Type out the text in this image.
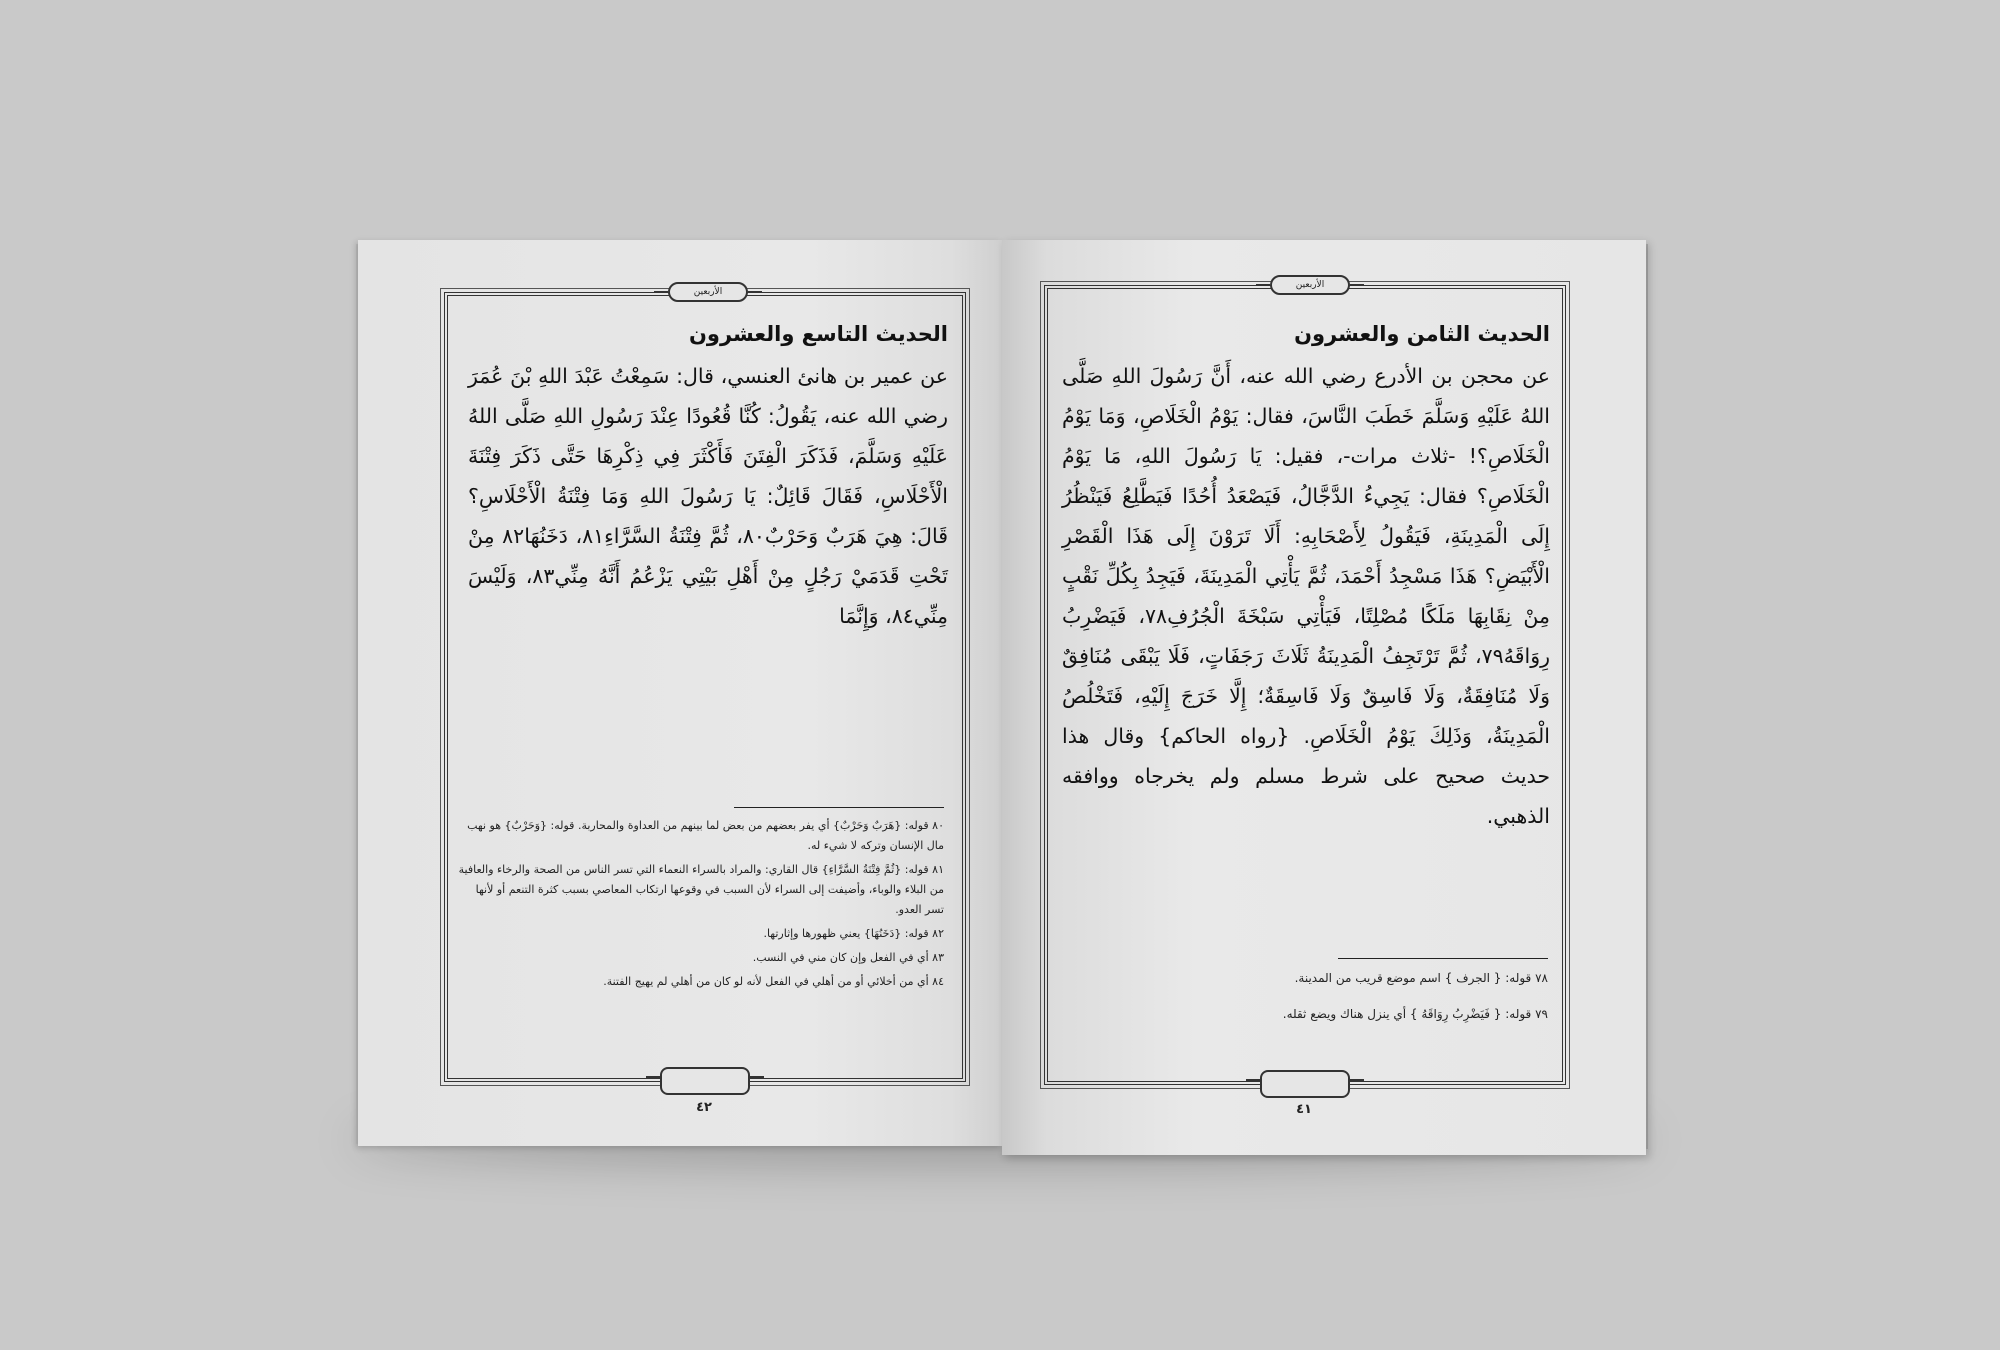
الأربعين
الحديث التاسع والعشرون

عن عمير بن هانئ العنسي، قال: سَمِعْتُ عَبْدَ اللهِ بْنَ عُمَرَ رضي الله عنه، يَقُولُ: كُنَّا قُعُودًا عِنْدَ رَسُولِ اللهِ صَلَّى اللهُ عَلَيْهِ وَسَلَّمَ، فَذَكَرَ الْفِتَنَ فَأَكْثَرَ فِي ذِكْرِهَا حَتَّى ذَكَرَ فِتْنَةَ الْأَحْلَاسِ، فَقَالَ قَائِلٌ: يَا رَسُولَ اللهِ وَمَا فِتْنَةُ الْأَحْلَاسِ؟ قَالَ: هِيَ هَرَبٌ وَحَرْبٌ٨٠، ثُمَّ فِتْنَةُ السَّرَّاءِ٨١، دَخَنُهَا٨٢ مِنْ تَحْتِ قَدَمَيْ رَجُلٍ مِنْ أَهْلِ بَيْتِي يَزْعُمُ أَنَّهُ مِنِّي٨٣، وَلَيْسَ مِنِّي٨٤، وَإِنَّمَا

٨٠ قوله: {هَرَبٌ وَحَرْبٌ} أي يفر بعضهم من بعض لما بينهم من العداوة والمحاربة. قوله: {وَحَرْبٌ} هو نهب مال الإنسان وتركه لا شيء له.

٨١ قوله: {ثُمَّ فِتْنَةُ السَّرَّاءِ} قال القاري: والمراد بالسراء النعماء التي تسر الناس من الصحة والرخاء والعافية من البلاء والوباء، وأضيفت إلى السراء لأن السبب في وقوعها ارتكاب المعاصي بسبب كثرة التنعم أو لأنها تسر العدو.

٨٢ قوله: {دَخَنُهَا} يعني ظهورها وإثارتها.

٨٣ أي في الفعل وإن كان مني في النسب.

٨٤ أي من أخلائي أو من أهلي في الفعل لأنه لو كان من أهلي لم يهيج الفتنة.

٤٢
الأربعين
الحديث الثامن والعشرون

عن محجن بن الأدرع رضي الله عنه، أَنَّ رَسُولَ اللهِ صَلَّى اللهُ عَلَيْهِ وَسَلَّمَ خَطَبَ النَّاسَ، فقال: يَوْمُ الْخَلَاصِ، وَمَا يَوْمُ الْخَلَاصِ؟! -ثلاث مرات-، فقيل: يَا رَسُولَ اللهِ، مَا يَوْمُ الْخَلَاصِ؟ فقال: يَجِيءُ الدَّجَّالُ، فَيَصْعَدُ أُحُدًا فَيَطَّلِعُ فَيَنْظُرُ إِلَى الْمَدِينَةِ، فَيَقُولُ لِأَصْحَابِهِ: أَلَا تَرَوْنَ إِلَى هَذَا الْقَصْرِ الْأَبْيَضِ؟ هَذَا مَسْجِدُ أَحْمَدَ، ثُمَّ يَأْتِي الْمَدِينَةَ، فَيَجِدُ بِكُلِّ نَقْبٍ مِنْ نِقَابِهَا مَلَكًا مُصْلِتًا، فَيَأْتِي سَبْخَةَ الْجُرُفِ٧٨، فَيَضْرِبُ رِوَاقَهُ٧٩، ثُمَّ تَرْتَجِفُ الْمَدِينَةُ ثَلَاثَ رَجَفَاتٍ، فَلَا يَبْقَى مُنَافِقٌ وَلَا مُنَافِقَةٌ، وَلَا فَاسِقٌ وَلَا فَاسِقَةٌ؛ إِلَّا خَرَجَ إِلَيْهِ، فَتَخْلُصُ الْمَدِينَةُ، وَذَلِكَ يَوْمُ الْخَلَاصِ. {رواه الحاكم} وقال هذا حديث صحيح على شرط مسلم ولم يخرجاه ووافقه الذهبي.

٧٨ قوله: { الجرف } اسم موضع قريب من المدينة.

٧٩ قوله: { فَيَضْرِبُ رِوَاقَهُ } أي ينزل هناك ويضع ثقله.

٤١
